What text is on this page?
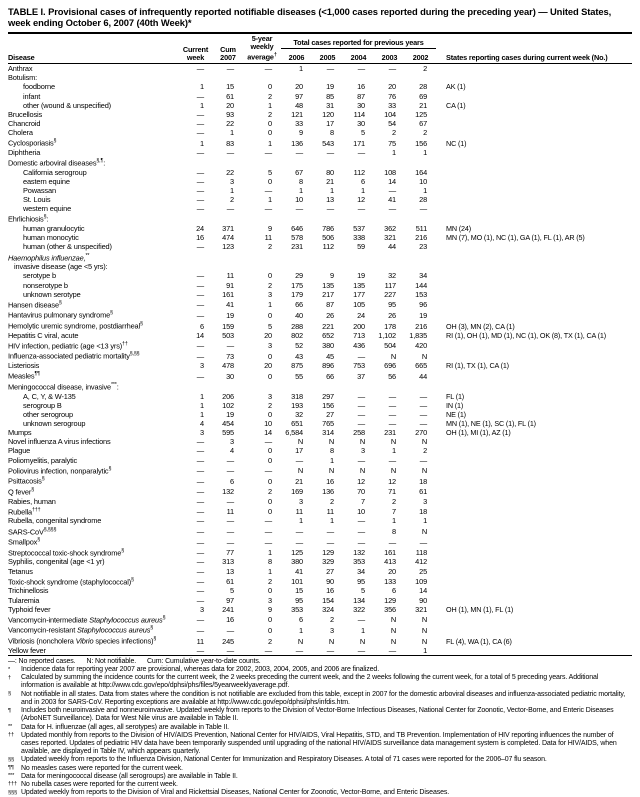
TABLE I. Provisional cases of infrequently reported notifiable diseases (<1,000 cases reported during the preceding year) — United States, week ending October 6, 2007 (40th Week)*
Disease	Current week	Cum 2007	5-year weekly average†	Total cases reported for previous years					States reporting cases during current week (No.)
				2006	2005	2004	2003	2002	
Anthrax	—	—	—	1	—	—	—	2	
Botulism:									
foodborne	1	15	0	20	19	16	20	28	AK (1)
infant	—	61	2	97	85	87	76	69	
other (wound & unspecified)	1	20	1	48	31	30	33	21	CA (1)
Brucellosis	—	93	2	121	120	114	104	125	
Chancroid	—	22	0	33	17	30	54	67	
Cholera	—	1	0	9	8	5	2	2	
Cyclosporiasis§	1	83	1	136	543	171	75	156	NC (1)
Diphtheria	—	—	—	—	—	—	1	1	
Domestic arboviral diseases§,¶:									
California serogroup	—	22	5	67	80	112	108	164	
eastern equine	—	3	0	8	21	6	14	10	
Powassan	—	1	—	1	1	1	—	1	
St. Louis	—	2	1	10	13	12	41	28	
western equine	—	—	—	—	—	—	—	—	
Ehrlichiosis§:									
human granulocytic	24	371	9	646	786	537	362	511	MN (24)
human monocytic	16	474	11	578	506	338	321	216	MN (7), MO (1), NC (1), GA (1), FL (1), AR (5)
human (other & unspecified)	—	123	2	231	112	59	44	23	
Haemophilus influenzae,**									
invasive disease (age <5 yrs):									
serotype b	—	11	0	29	9	19	32	34	
nonserotype b	—	91	2	175	135	135	117	144	
unknown serotype	—	161	3	179	217	177	227	153	
Hansen disease§	—	41	1	66	87	105	95	96	
Hantavirus pulmonary syndrome§	—	19	0	40	26	24	26	19	
Hemolytic uremic syndrome, postdiarrheal§	6	159	5	288	221	200	178	216	OH (3), MN (2), CA (1)
Hepatitis C viral, acute	14	503	20	802	652	713	1,102	1,835	RI (1), OH (1), MD (1), NC (1), OK (8), TX (1), CA (1)
HIV infection, pediatric (age <13 yrs)††	—	—	3	52	380	436	504	420	
Influenza-associated pediatric mortality§,§§	—	73	0	43	45	—	N	N	
Listeriosis	3	478	20	875	896	753	696	665	RI (1), TX (1), CA (1)
Measles¶¶	—	30	0	55	66	37	56	44	
Meningococcal disease, invasive***:									
A, C, Y, & W-135	1	206	3	318	297	—	—	—	FL (1)
serogroup B	1	102	2	193	156	—	—	—	IN (1)
other serogroup	1	19	0	32	27	—	—	—	NE (1)
unknown serogroup	4	454	10	651	765	—	—	—	MN (1), NE (1), SC (1), FL (1)
Mumps	3	595	14	6,584	314	258	231	270	OH (1), MI (1), AZ (1)
Novel influenza A virus infections	—	3	—	N	N	N	N	N	
Plague	—	4	0	17	8	3	1	2	
Poliomyelitis, paralytic	—	—	0	—	1	—	—	—	
Poliovirus infection, nonparalytic§	—	—	—	N	N	N	N	N	
Psittacosis§	—	6	0	21	16	12	12	18	
Q fever§	—	132	2	169	136	70	71	61	
Rabies, human	—	—	0	3	2	7	2	3	
Rubella†††	—	11	0	11	11	10	7	18	
Rubella, congenital syndrome	—	—	—	1	1	—	1	1	
SARS-CoV§,§§§	—	—	—	—	—	—	8	N	
Smallpox§	—	—	—	—	—	—	—	—	
Streptococcal toxic-shock syndrome§	—	77	1	125	129	132	161	118	
Syphilis, congenital (age <1 yr)	—	313	8	380	329	353	413	412	
Tetanus	—	13	1	41	27	34	20	25	
Toxic-shock syndrome (staphylococcal)§	—	61	2	101	90	95	133	109	
Trichinellosis	—	5	0	15	16	5	6	14	
Tularemia	—	97	3	95	154	134	129	90	
Typhoid fever	3	241	9	353	324	322	356	321	OH (1), MN (1), FL (1)
Vancomycin-intermediate Staphylococcus aureus§	—	16	0	6	2	—	N	N	
Vancomycin-resistant Staphylococcus aureus§	—	—	0	1	3	1	N	N	
Vibriosis (noncholera Vibrio species infections)§	11	245	2	N	N	N	N	N	FL (4), WA (1), CA (6)
Yellow fever	—	—	—	—	—	—	—	1	
—: No reported cases.      N: Not notifiable.      Cum: Cumulative year-to-date counts.
*	Incidence data for reporting year 2007 are provisional, whereas data for 2002, 2003, 2004, 2005, and 2006 are finalized.
†	Calculated by summing the incidence counts for the current week, the 2 weeks preceding the current week, and the 2 weeks following the current week, for a total of 5 preceding years. Additional information is available at http://www.cdc.gov/epo/dphsi/phs/files/5yearweeklyaverage.pdf.
§	Not notifiable in all states. Data from states where the condition is not notifiable are excluded from this table, except in 2007 for the domestic arboviral diseases and influenza-associated pediatric mortality, and in 2003 for SARS-CoV. Reporting exceptions are available at http://www.cdc.gov/epo/dphsi/phs/infdis.htm.
¶	Includes both neuroinvasive and nonneuroinvasive. Updated weekly from reports to the Division of Vector-Borne Infectious Diseases, National Center for Zoonotic, Vector-Borne, and Enteric Diseases (ArboNET Surveillance). Data for West Nile virus are available in Table II.
**	Data for H. influenzae (all ages, all serotypes) are available in Table II.
††	Updated monthly from reports to the Division of HIV/AIDS Prevention, National Center for HIV/AIDS, Viral Hepatitis, STD, and TB Prevention. Implementation of HIV reporting influences the number of cases reported. Updates of pediatric HIV data have been temporarily suspended until upgrading of the national HIV/AIDS surveillance data management system is completed. Data for HIV/AIDS, when available, are displayed in Table IV, which appears quarterly.
§§	Updated weekly from reports to the Influenza Division, National Center for Immunization and Respiratory Diseases. A total of 71 cases were reported for the 2006–07 flu season.
¶¶	No measles cases were reported for the current week.
*** Data for meningococcal disease (all serogroups) are available in Table II.
††† No rubella cases were reported for the current week.
§§§ Updated weekly from reports to the Division of Viral and Rickettsial Diseases, National Center for Zoonotic, Vector-Borne, and Enteric Diseases.
